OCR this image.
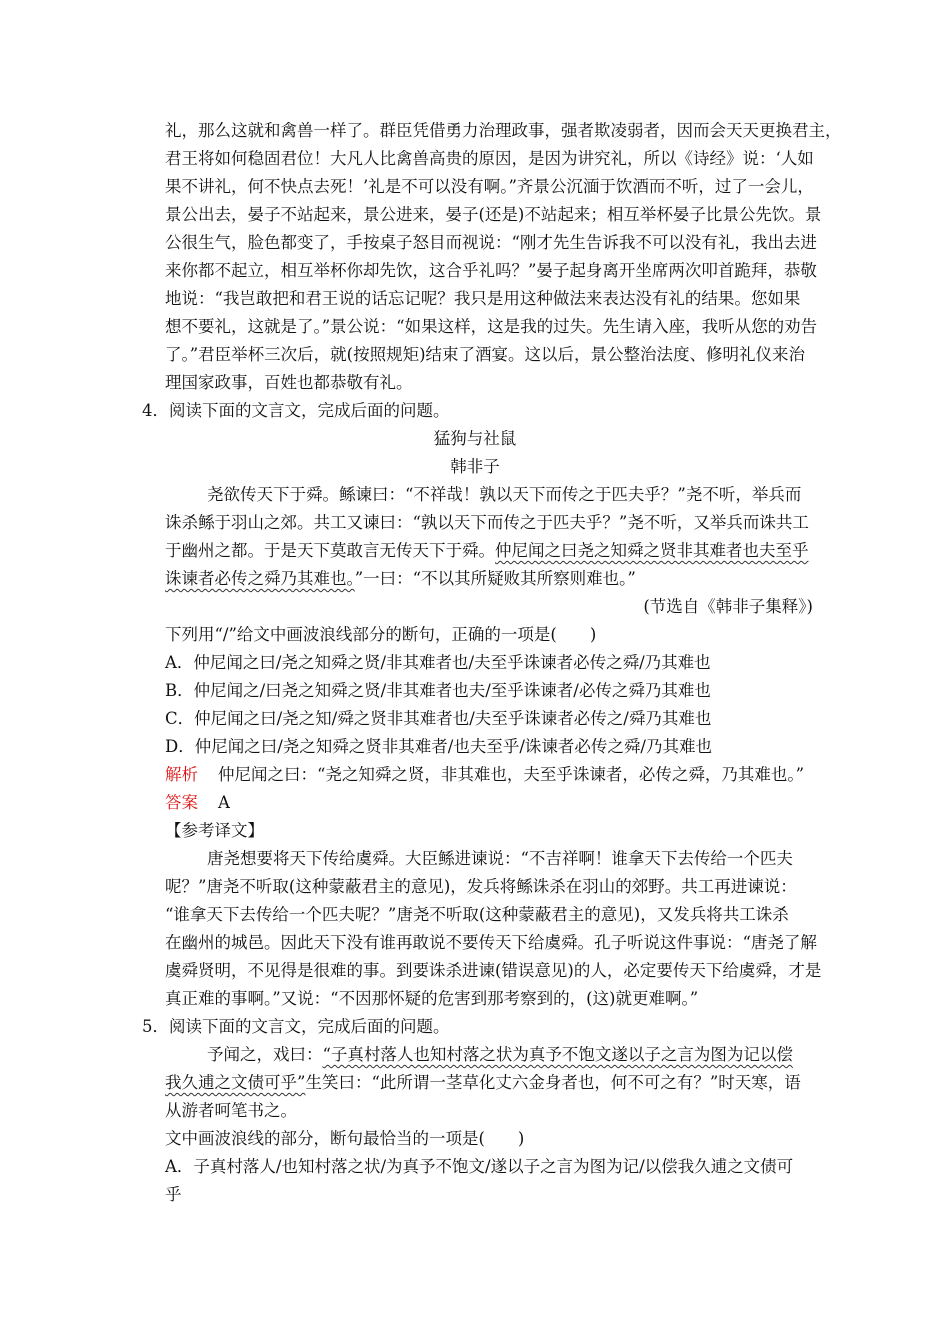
礼，那么这就和禽兽一样了。群臣凭借勇力治理政事，强者欺凌弱者，因而会天天更换君主，
君王将如何稳固君位！大凡人比禽兽高贵的原因，是因为讲究礼，所以《诗经》说：‘人如
果不讲礼，何不快点去死！’礼是不可以没有啊。”齐景公沉湎于饮酒而不听，过了一会儿，
景公出去，晏子不站起来，景公进来，晏子(还是)不站起来；相互举杯晏子比景公先饮。景
公很生气，脸色都变了，手按桌子怒目而视说：“刚才先生告诉我不可以没有礼，我出去进
来你都不起立，相互举杯你却先饮，这合乎礼吗？”晏子起身离开坐席两次叩首跪拜，恭敬
地说：“我岂敢把和君王说的话忘记呢？我只是用这种做法来表达没有礼的结果。您如果
想不要礼，这就是了。”景公说：“如果这样，这是我的过失。先生请入座，我听从您的劝告
了。”君臣举杯三次后，就(按照规矩)结束了酒宴。这以后，景公整治法度、修明礼仪来治
理国家政事，百姓也都恭敬有礼。
4．阅读下面的文言文，完成后面的问题。
猛狗与社鼠
韩非子
尧欲传天下于舜。鲧谏曰：“不祥哉！孰以天下而传之于匹夫乎？”尧不听，举兵而
诛杀鲧于羽山之郊。共工又谏曰：“孰以天下而传之于匹夫乎？”尧不听，又举兵而诛共工
于幽州之都。于是天下莫敢言无传天下于舜。仲尼闻之曰尧之知舜之贤非其难者也夫至乎
诛谏者必传之舜乃其难也。”一曰：“不以其所疑败其所察则难也。”
(节选自《韩非子集释》)
下列用“/”给文中画波浪线部分的断句，正确的一项是(　　)
A．仲尼闻之曰/尧之知舜之贤/非其难者也/夫至乎诛谏者必传之舜/乃其难也
B．仲尼闻之/曰尧之知舜之贤/非其难者也夫/至乎诛谏者/必传之舜乃其难也
C．仲尼闻之曰/尧之知/舜之贤非其难者也/夫至乎诛谏者必传之/舜乃其难也
D．仲尼闻之曰/尧之知舜之贤非其难者/也夫至乎/诛谏者必传之舜/乃其难也
解析 仲尼闻之曰：“尧之知舜之贤，非其难也，夫至乎诛谏者，必传之舜，乃其难也。”
答案 A
【参考译文】
唐尧想要将天下传给虞舜。大臣鲧进谏说：“不吉祥啊！谁拿天下去传给一个匹夫
呢？”唐尧不听取(这种蒙蔽君主的意见)，发兵将鲧诛杀在羽山的郊野。共工再进谏说：
“谁拿天下去传给一个匹夫呢？”唐尧不听取(这种蒙蔽君主的意见)，又发兵将共工诛杀
在幽州的城邑。因此天下没有谁再敢说不要传天下给虞舜。孔子听说这件事说：“唐尧了解
虞舜贤明，不见得是很难的事。到要诛杀进谏(错误意见)的人，必定要传天下给虞舜，才是
真正难的事啊。”又说：“不因那怀疑的危害到那考察到的，(这)就更难啊。”
5．阅读下面的文言文，完成后面的问题。
予闻之，戏曰：“子真村落人也知村落之状为真予不饱文遂以子之言为图为记以偿
我久逋之文债可乎”生笑曰：“此所谓一茎草化丈六金身者也，何不可之有？”时天寒，语
从游者呵笔书之。
文中画波浪线的部分，断句最恰当的一项是(　　)
A．子真村落人/也知村落之状/为真予不饱文/遂以子之言为图为记/以偿我久逋之文债可
乎
